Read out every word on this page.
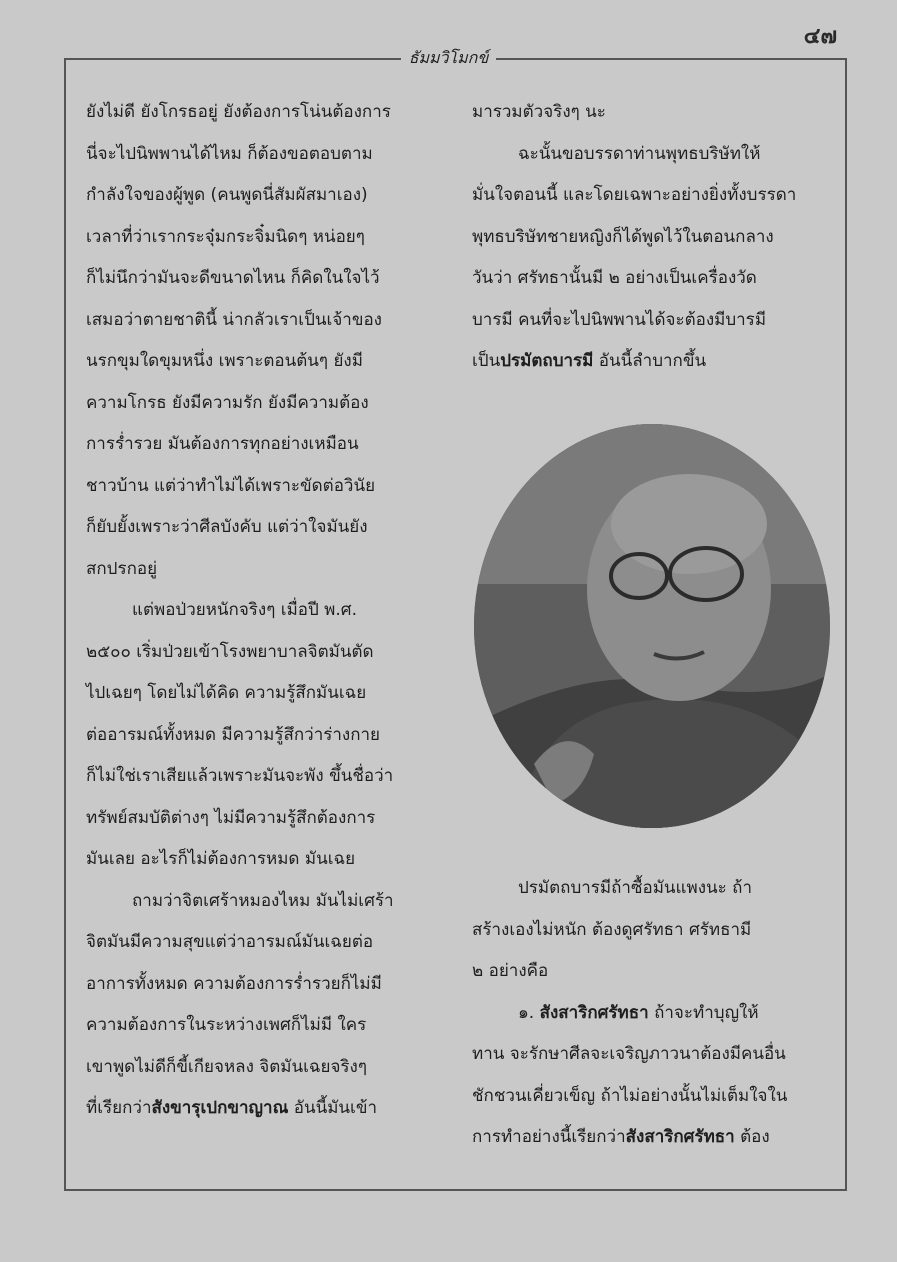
๔๗
ธัมมวิโมกข์

ยังไม่ดี ยังโกรธอยู่ ยังต้องการโน่นต้องการ

นี่จะไปนิพพานได้ไหม ก็ต้องขอตอบตาม

กำลังใจของผู้พูด (คนพูดนี่สัมผัสมาเอง)

เวลาที่ว่าเรากระจุ๋มกระจิ๋มนิดๆ หน่อยๆ

ก็ไม่นึกว่ามันจะดีขนาดไหน ก็คิดในใจไว้

เสมอว่าตายชาตินี้ น่ากลัวเราเป็นเจ้าของ

นรกขุมใดขุมหนึ่ง เพราะตอนต้นๆ ยังมี

ความโกรธ ยังมีความรัก ยังมีความต้อง

การร่ำรวย มันต้องการทุกอย่างเหมือน

ชาวบ้าน แต่ว่าทำไม่ได้เพราะขัดต่อวินัย

ก็ยับยั้งเพราะว่าศีลบังคับ แต่ว่าใจมันยัง

สกปรกอยู่

แต่พอป่วยหนักจริงๆ เมื่อปี พ.ศ.

๒๕๐๐ เริ่มป่วยเข้าโรงพยาบาลจิตมันตัด

ไปเฉยๆ โดยไม่ได้คิด ความรู้สึกมันเฉย

ต่ออารมณ์ทั้งหมด มีความรู้สึกว่าร่างกาย

ก็ไม่ใช่เราเสียแล้วเพราะมันจะพัง ขึ้นชื่อว่า

ทรัพย์สมบัติต่างๆ ไม่มีความรู้สึกต้องการ

มันเลย อะไรก็ไม่ต้องการหมด มันเฉย

ถามว่าจิตเศร้าหมองไหม มันไม่เศร้า

จิตมันมีความสุขแต่ว่าอารมณ์มันเฉยต่อ

อาการทั้งหมด ความต้องการร่ำรวยก็ไม่มี

ความต้องการในระหว่างเพศก็ไม่มี ใคร

เขาพูดไม่ดีก็ขี้เกียจหลง จิตมันเฉยจริงๆ

ที่เรียกว่าสังขารุเปกขาญาณ อันนี้มันเข้า

มารวมตัวจริงๆ นะ

ฉะนั้นขอบรรดาท่านพุทธบริษัทให้

มั่นใจตอนนี้ และโดยเฉพาะอย่างยิ่งทั้งบรรดา

พุทธบริษัทชายหญิงก็ได้พูดไว้ในตอนกลาง

วันว่า ศรัทธานั้นมี ๒ อย่างเป็นเครื่องวัด

บารมี คนที่จะไปนิพพานได้จะต้องมีบารมี

เป็นปรมัตถบารมี อันนี้ลำบากขึ้น

ปรมัตถบารมีถ้าซื้อมันแพงนะ ถ้า

สร้างเองไม่หนัก ต้องดูศรัทธา ศรัทธามี

๒ อย่างคือ

๑. สังสาริกศรัทธา ถ้าจะทำบุญให้

ทาน จะรักษาศีลจะเจริญภาวนาต้องมีคนอื่น

ชักชวนเคี่ยวเข็ญ ถ้าไม่อย่างนั้นไม่เต็มใจใน

การทำอย่างนี้เรียกว่าสังสาริกศรัทธา ต้อง
